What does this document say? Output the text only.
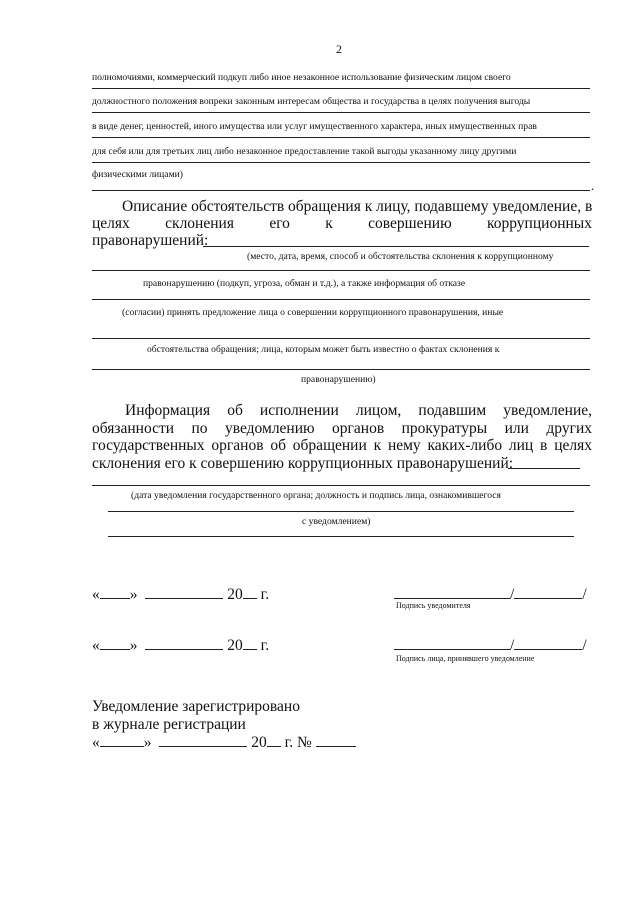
2
полномочиями, коммерческий подкуп либо иное незаконное использование физическим лицом своего
должностного положения вопреки законным интересам общества и государства в целях получения выгоды
в виде денег, ценностей, иного имущества или услуг имущественного характера, иных имущественных прав
для себя или для третьих лиц либо незаконное предоставление такой выгоды указанному лицу другими
физическими лицами)
.
Описание обстоятельств обращения к лицу, подавшему уведомление, в
целях склонения его к совершению коррупционных
правонарушений:
(место, дата, время, способ и обстоятельства склонения к коррупционному
правонарушению (подкуп, угроза, обман и т.д.), а также информация об отказе
(согласии) принять предложение лица о совершении коррупционного правонарушения, иные
обстоятельства обращения; лица, которым может быть известно о фактах склонения к
правонарушению)
Информация об исполнении лицом, подавшим уведомление,
обязанности по уведомлению органов прокуратуры или других
государственных органов об обращении к нему каких-либо лиц в целях
склонения его к совершению коррупционных правонарушений:
(дата уведомления государственного органа; должность и подпись лица, ознакомившегося
с уведомлением)
« »	20 г.	/	/
Подпись уведомителя
« »	20 г.	/	/
Подпись лица, принявшего уведомление
Уведомление зарегистрировано
в журнале регистрации
«	»	20 г. №
